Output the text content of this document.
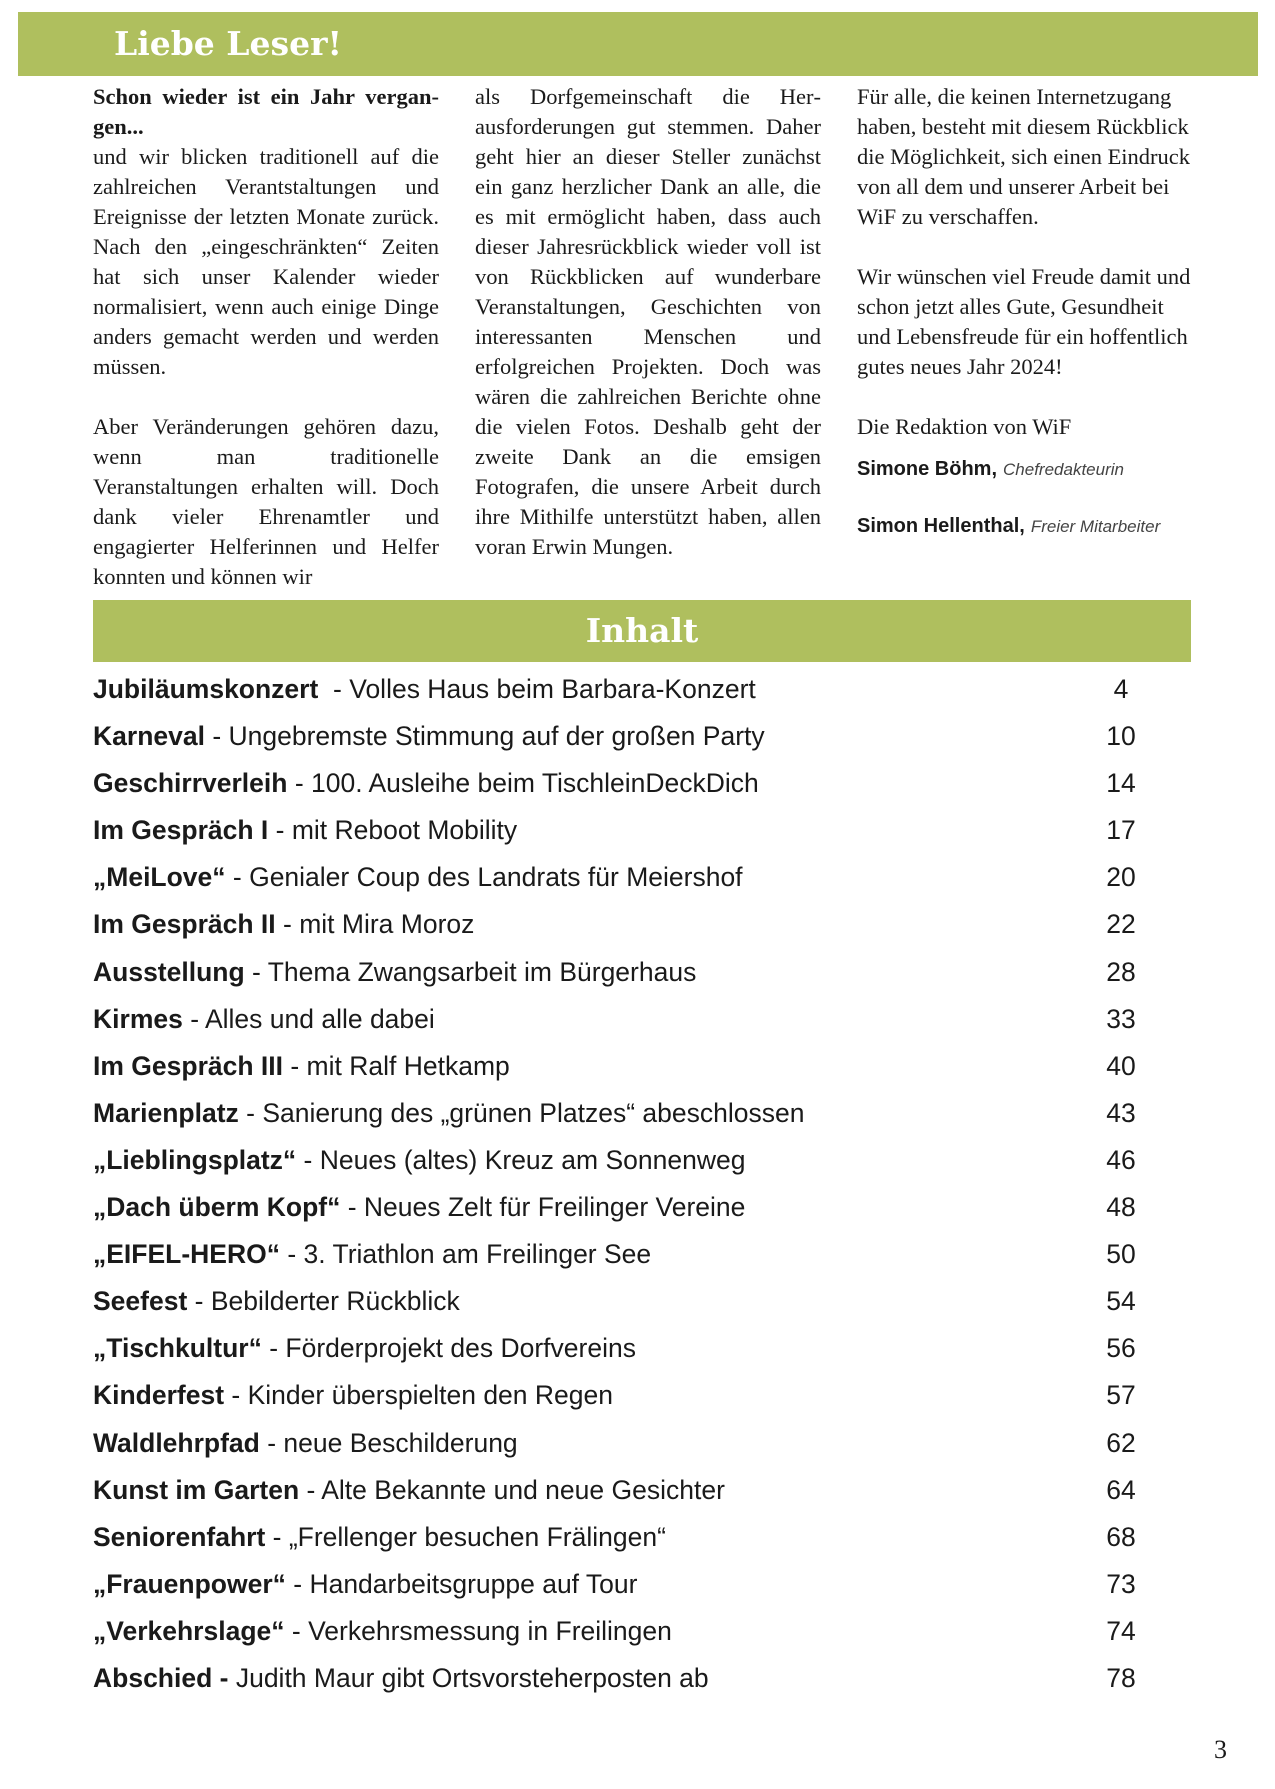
Liebe Leser!

Schon wieder ist ein Jahr vergangen...

und wir blicken traditionell auf die zahlreichen Verantstaltungen und Ereignisse der letzten Monate zurück. Nach den „eingeschränkten“ Zeiten hat sich unser Kalender wieder normalisiert, wenn auch einige Dinge anders gemacht werden und werden müssen.

Aber Veränderungen gehören dazu, wenn man traditionelle Veranstaltungen erhalten will. Doch dank vieler Ehrenamtler und engagierter Helferinnen und Helfer konnten und können wir

als Dorfgemeinschaft die Herausforderungen gut stemmen. Daher geht hier an dieser Steller zunächst ein ganz herzlicher Dank an alle, die es mit ermöglicht haben, dass auch dieser Jahresrückblick wieder voll ist von Rückblicken auf wunderbare Veranstaltungen, Geschichten von interessanten Menschen und erfolgreichen Projekten. Doch was wären die zahlreichen Berichte ohne die vielen Fotos. Deshalb geht der zweite Dank an die emsigen Fotografen, die unsere Arbeit durch ihre Mithilfe unterstützt haben, allen voran Erwin Mungen.

Für alle, die keinen Internetzugang haben, besteht mit diesem Rückblick die Möglichkeit, sich einen Eindruck von all dem und unserer Arbeit bei WiF zu verschaffen.

Wir wünschen viel Freude damit und schon jetzt alles Gute, Gesundheit und Lebensfreude für ein hoffentlich gutes neues Jahr 2024!

Die Redaktion von WiF

Simone Böhm, Chefredakteurin
Simon Hellenthal, Freier Mitarbeiter
Inhalt
Jubiläumskonzert  - Volles Haus beim Barbara-Konzert	4
Karneval - Ungebremste Stimmung auf der großen Party	10
Geschirrverleih - 100. Ausleihe beim TischleinDeckDich	14
Im Gespräch I - mit Reboot Mobility	17
„MeiLove“ - Genialer Coup des Landrats für Meiershof	20
Im Gespräch II - mit Mira Moroz	22
Ausstellung - Thema Zwangsarbeit im Bürgerhaus	28
Kirmes - Alles und alle dabei	33
Im Gespräch III - mit Ralf Hetkamp	40
Marienplatz - Sanierung des „grünen Platzes“ abeschlossen	43
„Lieblingsplatz“ - Neues (altes) Kreuz am Sonnenweg	46
„Dach überm Kopf“ - Neues Zelt für Freilinger Vereine	48
„EIFEL-HERO“ - 3. Triathlon am Freilinger See	50
Seefest - Bebilderter Rückblick	54
„Tischkultur“ - Förderprojekt des Dorfvereins	56
Kinderfest - Kinder überspielten den Regen	57
Waldlehrpfad - neue Beschilderung	62
Kunst im Garten - Alte Bekannte und neue Gesichter	64
Seniorenfahrt - „Frellenger besuchen Frälingen“	68
„Frauenpower“ - Handarbeitsgruppe auf Tour	73
„Verkehrslage“ - Verkehrsmessung in Freilingen	74
Abschied - Judith Maur gibt Ortsvorsteherposten ab	78
3
